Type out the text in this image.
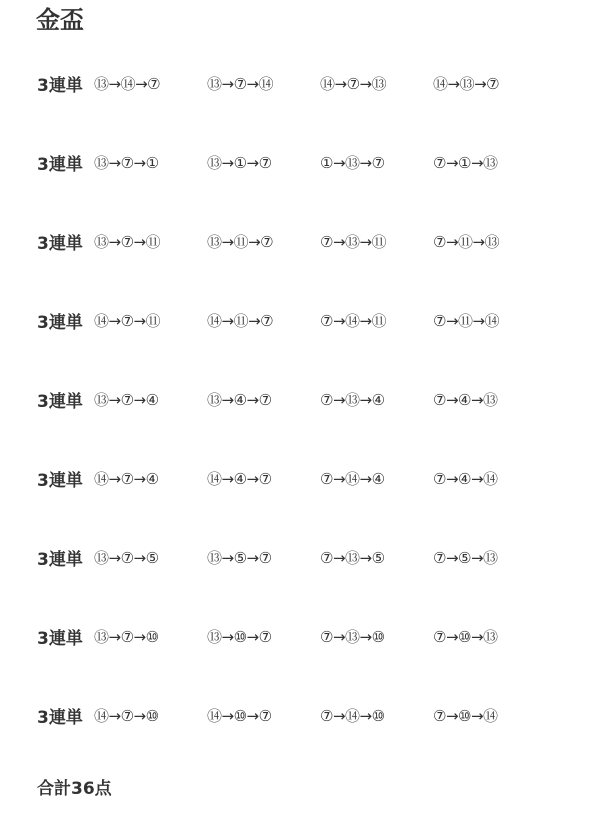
金盃
3連単 ⑬→⑭→⑦	⑬→⑦→⑭	⑭→⑦→⑬	⑭→⑬→⑦
3連単 ⑬→⑦→①	⑬→①→⑦	①→⑬→⑦	⑦→①→⑬
3連単 ⑬→⑦→⑪	⑬→⑪→⑦	⑦→⑬→⑪	⑦→⑪→⑬
3連単 ⑭→⑦→⑪	⑭→⑪→⑦	⑦→⑭→⑪	⑦→⑪→⑭
3連単 ⑬→⑦→④	⑬→④→⑦	⑦→⑬→④	⑦→④→⑬
3連単 ⑭→⑦→④	⑭→④→⑦	⑦→⑭→④	⑦→④→⑭
3連単 ⑬→⑦→⑤	⑬→⑤→⑦	⑦→⑬→⑤	⑦→⑤→⑬
3連単 ⑬→⑦→⑩	⑬→⑩→⑦	⑦→⑬→⑩	⑦→⑩→⑬
3連単 ⑭→⑦→⑩	⑭→⑩→⑦	⑦→⑭→⑩	⑦→⑩→⑭
合計36点
